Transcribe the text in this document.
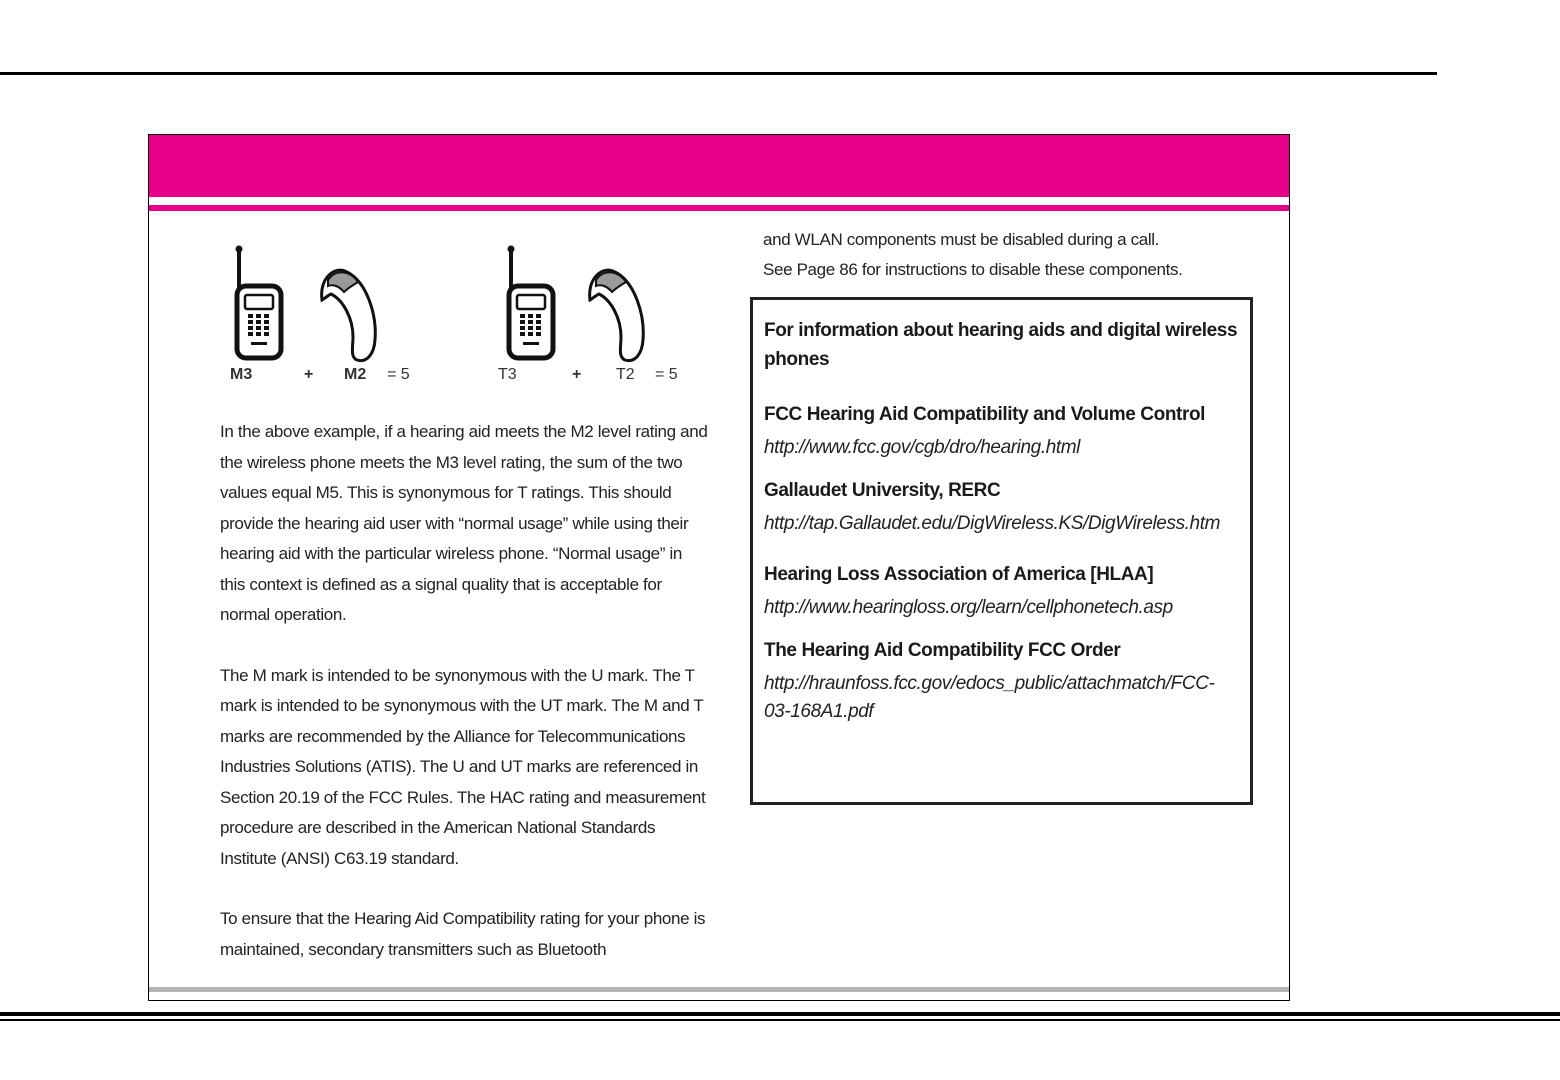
M3	+ M2 = 5	T3	+ T2 = 5

In the above example, if a hearing aid meets the M2 level rating and the wireless phone meets the M3 level rating, the sum of the two values equal M5. This is synonymous for T ratings. This should provide the hearing aid user with “normal usage” while using their hearing aid with the particular wireless phone. “Normal usage” in this context is defined as a signal quality that is acceptable for normal operation.

The M mark is intended to be synonymous with the U mark. The T mark is intended to be synonymous with the UT mark. The M and T marks are recommended by the Alliance for Telecommunications Industries Solutions (ATIS). The U and UT marks are referenced in Section 20.19 of the FCC Rules. The HAC rating and measurement procedure are described in the American National Standards Institute (ANSI) C63.19 standard.

To ensure that the Hearing Aid Compatibility rating for your phone is maintained, secondary transmitters such as Bluetooth

and WLAN components must be disabled during a call.
See Page 86 for instructions to disable these components.
For information about hearing aids and digital wireless phones
FCC Hearing Aid Compatibility and Volume Control
http://www.fcc.gov/cgb/dro/hearing.html
Gallaudet University, RERC
http://tap.Gallaudet.edu/DigWireless.KS/DigWireless.htm
Hearing Loss Association of America [HLAA]
http://www.hearingloss.org/learn/cellphonetech.asp
The Hearing Aid Compatibility FCC Order
http://hraunfoss.fcc.gov/edocs_public/attachmatch/FCC-03-168A1.pdf
